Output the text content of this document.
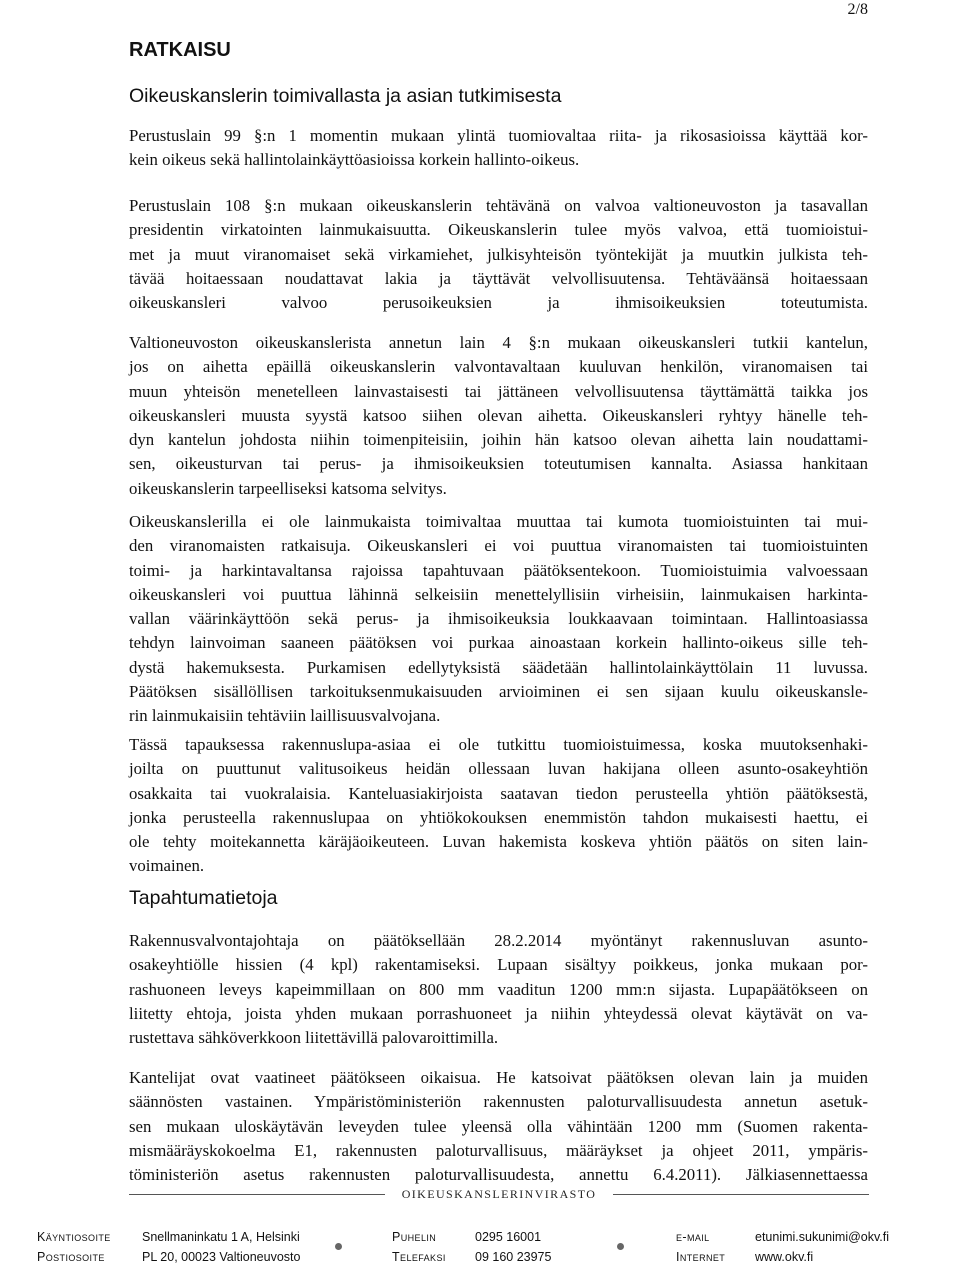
2/8
RATKAISU
Oikeuskanslerin toimivallasta ja asian tutkimisesta
Perustuslain 99 §:n 1 momentin mukaan ylintä tuomiovaltaa riita- ja rikosasioissa käyttää kor-
kein oikeus sekä hallintolainkäyttöasioissa korkein hallinto-oikeus.
Perustuslain 108 §:n mukaan oikeuskanslerin tehtävänä on valvoa valtioneuvoston ja tasavallan
presidentin virkatointen lainmukaisuutta. Oikeuskanslerin tulee myös valvoa, että tuomioistui-
met ja muut viranomaiset sekä virkamiehet, julkisyhteisön työntekijät ja muutkin julkista teh-
tävää hoitaessaan noudattavat lakia ja täyttävät velvollisuutensa. Tehtäväänsä hoitaessaan
oikeuskansleri valvoo perusoikeuksien ja ihmisoikeuksien toteutumista.
Valtioneuvoston oikeuskanslerista annetun lain 4 §:n mukaan oikeuskansleri tutkii kantelun,
jos on aihetta epäillä oikeuskanslerin valvontavaltaan kuuluvan henkilön, viranomaisen tai
muun yhteisön menetelleen lainvastaisesti tai jättäneen velvollisuutensa täyttämättä taikka jos
oikeuskansleri muusta syystä katsoo siihen olevan aihetta. Oikeuskansleri ryhtyy hänelle teh-
dyn kantelun johdosta niihin toimenpiteisiin, joihin hän katsoo olevan aihetta lain noudattami-
sen, oikeusturvan tai perus- ja ihmisoikeuksien toteutumisen kannalta. Asiassa hankitaan
oikeuskanslerin tarpeelliseksi katsoma selvitys.
Oikeuskanslerilla ei ole lainmukaista toimivaltaa muuttaa tai kumota tuomioistuinten tai mui-
den viranomaisten ratkaisuja. Oikeuskansleri ei voi puuttua viranomaisten tai tuomioistuinten
toimi- ja harkintavaltansa rajoissa tapahtuvaan päätöksentekoon. Tuomioistuimia valvoessaan
oikeuskansleri voi puuttua lähinnä selkeisiin menettelyllisiin virheisiin, lainmukaisen harkinta-
vallan väärinkäyttöön sekä perus- ja ihmisoikeuksia loukkaavaan toimintaan. Hallintoasiassa
tehdyn lainvoiman saaneen päätöksen voi purkaa ainoastaan korkein hallinto-oikeus sille teh-
dystä hakemuksesta. Purkamisen edellytyksistä säädetään hallintolainkäyttölain 11 luvussa.
Päätöksen sisällöllisen tarkoituksenmukaisuuden arvioiminen ei sen sijaan kuulu oikeuskansle-
rin lainmukaisiin tehtäviin laillisuusvalvojana.
Tässä tapauksessa rakennuslupa-asiaa ei ole tutkittu tuomioistuimessa, koska muutoksenhaki-
joilta on puuttunut valitusoikeus heidän ollessaan luvan hakijana olleen asunto-osakeyhtiön
osakkaita tai vuokralaisia. Kanteluasiakirjoista saatavan tiedon perusteella yhtiön päätöksestä,
jonka perusteella rakennuslupaa on yhtiökokouksen enemmistön tahdon mukaisesti haettu, ei
ole tehty moitekannetta käräjäoikeuteen. Luvan hakemista koskeva yhtiön päätös on siten lain-
voimainen.
Tapahtumatietoja
Rakennusvalvontajohtaja on päätöksellään 28.2.2014 myöntänyt rakennusluvan asunto-
osakeyhtiölle hissien (4 kpl) rakentamiseksi. Lupaan sisältyy poikkeus, jonka mukaan por-
rashuoneen leveys kapeimmillaan on 800 mm vaaditun 1200 mm:n sijasta. Lupapäätökseen on
liitetty ehtoja, joista yhden mukaan porrashuoneet ja niihin yhteydessä olevat käytävät on va-
rustettava sähköverkkoon liitettävillä palovaroittimilla.
Kantelijat ovat vaatineet päätökseen oikaisua. He katsoivat päätöksen olevan lain ja muiden
säännösten vastainen. Ympäristöministeriön rakennusten paloturvallisuudesta annetun asetuk-
sen mukaan uloskäytävän leveyden tulee yleensä olla vähintään 1200 mm (Suomen rakenta-
mismääräyskokoelma E1, rakennusten paloturvallisuus, määräykset ja ohjeet 2011, ympäris-
töministeriön asetus rakennusten paloturvallisuudesta, annettu 6.4.2011). Jälkiasennettaessa
OIKEUSKANSLERINVIRASTO
Käyntiosoite	Snellmaninkatu 1 A, Helsinki	Puhelin	0295 16001	e-mail	etunimi.sukunimi@okv.fi
Postiosoite	PL 20, 00023 Valtioneuvosto	Telefaksi 09 160 23975	Internet www.okv.fi
